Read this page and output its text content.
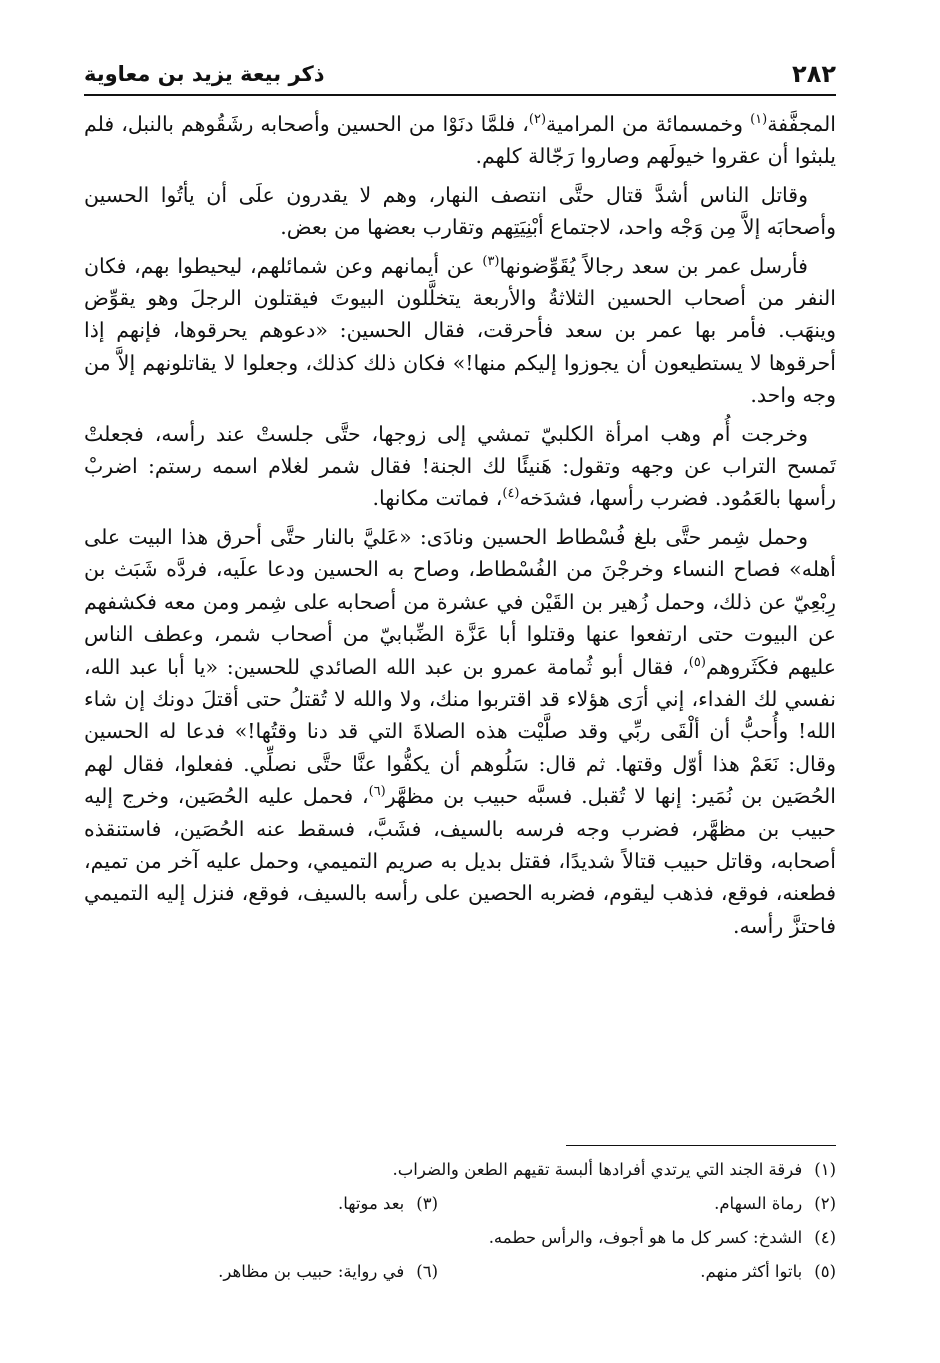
٢٨٢
ذكر بيعة يزيد بن معاوية

المجفَّفة$^{(١)}$ وخمسمائة من المرامية$^{(٢)}$، فلمَّا دنَوْا من الحسين وأصحابه رشَقُوهم بالنبل، فلم يلبثوا أن عقروا خيولَهم وصاروا رَجّالة كلهم.

وقاتل الناس أشدَّ قتال حتَّى انتصف النهار، وهم لا يقدرون علَى أن يأتُوا الحسين وأصحابَه إلاَّ مِن وَجْه واحد، لاجتماع أبْنِيَتِهم وتقارب بعضها من بعض.

فأرسل عمر بن سعد رجالاً يُقَوِّضونها$^{(٣)}$ عن أيمانهم وعن شمائلهم، ليحيطوا بهم، فكان النفر من أصحاب الحسين الثلاثةُ والأربعة يتخلَّلون البيوتَ فيقتلون الرجلَ وهو يقوِّض وينهَب. فأمر بها عمر بن سعد فأحرقت، فقال الحسين: «دعوهم يحرقوها، فإنهم إذا أحرقوها لا يستطيعون أن يجوزوا إليكم منها!» فكان ذلك كذلك، وجعلوا لا يقاتلونهم إلاَّ من وجه واحد.

وخرجت أُم وهب امرأة الكلبيّ تمشي إلى زوجها، حتَّى جلستْ عند رأسه، فجعلتْ تَمسح التراب عن وجهه وتقول: هَنيئًا لك الجنة! فقال شمر لغلام اسمه رستم: اضربْ رأسها بالعَمُود. فضرب رأسها، فشدَخه$^{(٤)}$، فماتت مكانها.

وحمل شِمر حتَّى بلغ فُسْطاط الحسين ونادَى: «عَليَّ بالنار حتَّى أحرق هذا البيت على أهله» فصاح النساء وخرجْنَ من الفُسْطاط، وصاح به الحسين ودعا علَيه، فردَّه شَبَث بن رِبْعِيّ عن ذلك، وحمل زُهير بن القَيْن في عشرة من أصحابه على شِمر ومن معه فكشفهم عن البيوت حتى ارتفعوا عنها وقتلوا أبا عَزَّة الضِّبابيّ من أصحاب شمر، وعطف الناس عليهم فكَثَروهم$^{(٥)}$، فقال أبو ثُمامة عمرو بن عبد الله الصائدي للحسين: «يا أبا عبد الله، نفسي لك الفداء، إني أرَى هؤلاء قد اقتربوا منك، ولا والله لا تُقتلُ حتى أقتلَ دونك إن شاء الله! وأُحبُّ أن ألْقَى ربِّي وقد صلَّيْت هذه الصلاةَ التي قد دنا وقتُها!» فدعا له الحسين وقال: نَعَمْ هذا أوّل وقتها. ثم قال: سَلُوهم أن يكفُّوا عنَّا حتَّى نصلِّي. ففعلوا، فقال لهم الحُصَين بن نُمَير: إنها لا تُقبل. فسبَّه حبيب بن مظهَّر$^{(٦)}$، فحمل عليه الحُصَين، وخرج إليه حبيب بن مظهَّر، فضرب وجه فرسه بالسيف، فشَبَّ، فسقط عنه الحُصَين، فاستنقذه أصحابه، وقاتل حبيب قتالاً شديدًا، فقتل بديل به صريم التميمي، وحمل عليه آخر من تميم، فطعنه، فوقع، فذهب ليقوم، فضربه الحصين على رأسه بالسيف، فوقع، فنزل إليه التميمي فاحتزَّ رأسه.

(١)فرقة الجند التي يرتدي أفرادها ألبسة تقيهم الطعن والضراب.
(٢)رماة السهام.
(٣)بعد موتها.
(٤)الشدخ: كسر كل ما هو أجوف، والرأس حطمه.
(٥)باتوا أكثر منهم.
(٦)في رواية: حبيب بن مظاهر.
